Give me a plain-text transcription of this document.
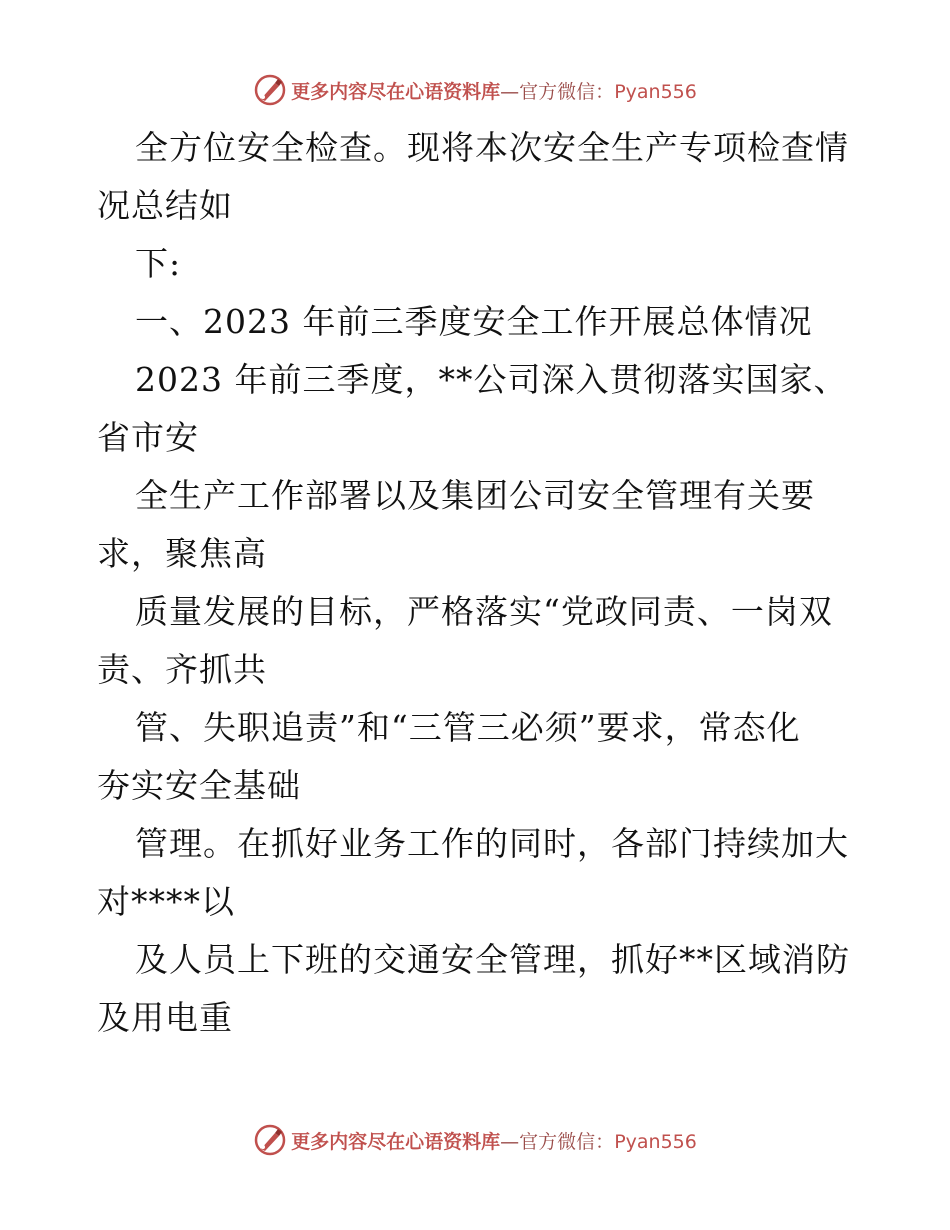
更多内容尽在心语资料库—官方微信：Pyan556
全方位安全检查。现将本次安全生产专项检查情
况总结如
下:
一、2023 年前三季度安全工作开展总体情况
2023 年前三季度，**公司深入贯彻落实国家、
省市安
全生产工作部署以及集团公司安全管理有关要
求，聚焦高
质量发展的目标，严格落实“党政同责、一岗双
责、齐抓共
管、失职追责”和“三管三必须”要求，常态化
夯实安全基础
管理。在抓好业务工作的同时，各部门持续加大
对****以
及人员上下班的交通安全管理，抓好**区域消防
及用电重
更多内容尽在心语资料库—官方微信：Pyan556
